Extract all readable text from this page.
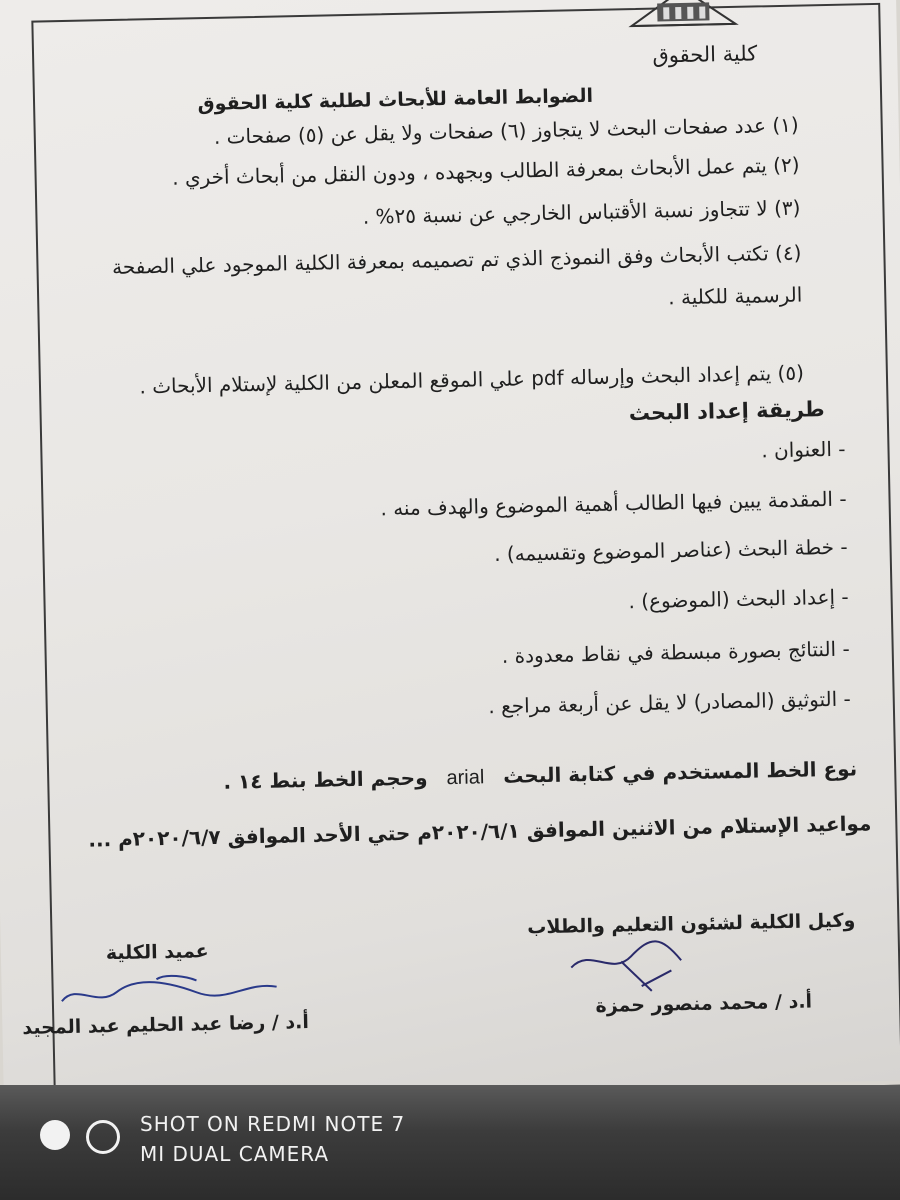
كلية الحقوق
الضوابط العامة للأبحاث لطلبة كلية الحقوق
(١) عدد صفحات البحث لا يتجاوز (٦) صفحات ولا يقل عن (٥) صفحات .
(٢) يتم عمل الأبحاث بمعرفة الطالب وبجهده ، ودون النقل من أبحاث أخري .
(٣) لا تتجاوز نسبة الأقتباس الخارجي عن نسبة ٢٥% .
(٤) تكتب الأبحاث وفق النموذج الذي تم تصميمه بمعرفة الكلية الموجود علي الصفحة
الرسمية للكلية .
(٥) يتم إعداد البحث وإرساله pdf علي الموقع المعلن من الكلية لإستلام الأبحاث .
طريقة إعداد البحث
- العنوان .
- المقدمة يبين فيها الطالب أهمية الموضوع والهدف منه .
- خطة البحث (عناصر الموضوع وتقسيمه) .
- إعداد البحث (الموضوع) .
- النتائج بصورة مبسطة في نقاط معدودة .
- التوثيق (المصادر) لا يقل عن أربعة مراجع .
نوع الخط المستخدم في كتابة البحث arial وحجم الخط بنط ١٤ .
مواعيد الإستلام من الاثنين الموافق ٢٠٢٠/٦/١م حتي الأحد الموافق ٢٠٢٠/٦/٧م ...
وكيل الكلية لشئون التعليم والطلاب
أ.د / محمد منصور حمزة
عميد الكلية
أ.د / رضا عبد الحليم عبد المجيد
SHOT ON REDMI NOTE 7
MI DUAL CAMERA
